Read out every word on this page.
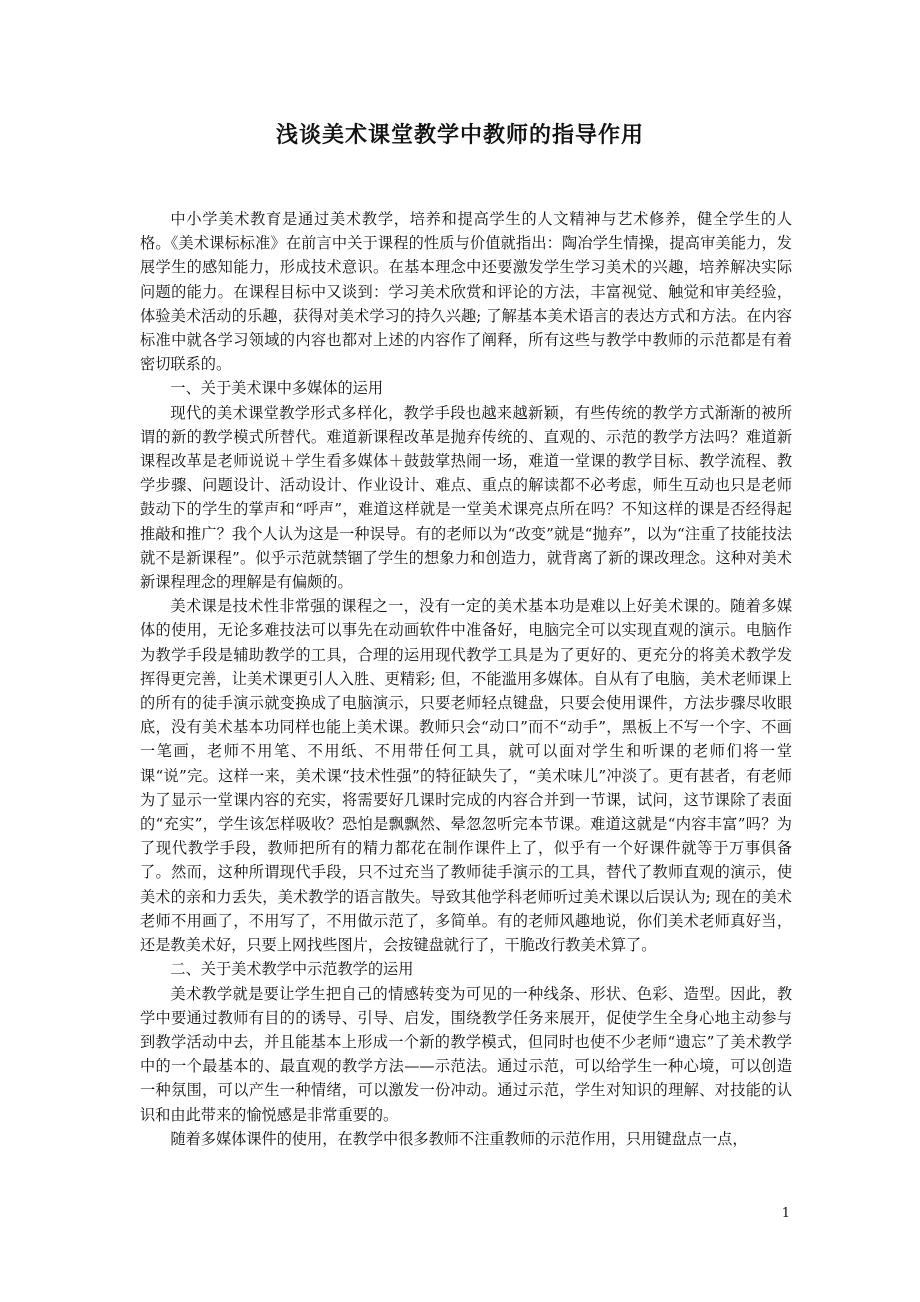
浅谈美术课堂教学中教师的指导作用

中小学美术教育是通过美术教学，培养和提高学生的人文精神与艺术修养，健全学生的人格。《美术课标标准》在前言中关于课程的性质与价值就指出：陶冶学生情操，提高审美能力，发展学生的感知能力，形成技术意识。在基本理念中还要激发学生学习美术的兴趣，培养解决实际问题的能力。在课程目标中又谈到：学习美术欣赏和评论的方法，丰富视觉、触觉和审美经验，体验美术活动的乐趣，获得对美术学习的持久兴趣; 了解基本美术语言的表达方式和方法。在内容标准中就各学习领域的内容也都对上述的内容作了阐释，所有这些与教学中教师的示范都是有着密切联系的。

一、关于美术课中多媒体的运用

现代的美术课堂教学形式多样化，教学手段也越来越新颖，有些传统的教学方式渐渐的被所谓的新的教学模式所替代。难道新课程改革是抛弃传统的、直观的、示范的教学方法吗？难道新课程改革是老师说说＋学生看多媒体＋鼓鼓掌热闹一场，难道一堂课的教学目标、教学流程、教学步骤、问题设计、活动设计、作业设计、难点、重点的解读都不必考虑，师生互动也只是老师鼓动下的学生的掌声和“呼声”，难道这样就是一堂美术课亮点所在吗？不知这样的课是否经得起推敲和推广？我个人认为这是一种误导。有的老师以为“改变”就是“抛弃”，以为“注重了技能技法就不是新课程”。似乎示范就禁锢了学生的想象力和创造力，就背离了新的课改理念。这种对美术新课程理念的理解是有偏颇的。

美术课是技术性非常强的课程之一，没有一定的美术基本功是难以上好美术课的。随着多媒体的使用，无论多难技法可以事先在动画软件中准备好，电脑完全可以实现直观的演示。电脑作为教学手段是辅助教学的工具，合理的运用现代教学工具是为了更好的、更充分的将美术教学发挥得更完善，让美术课更引人入胜、更精彩; 但，不能滥用多媒体。自从有了电脑，美术老师课上的所有的徒手演示就变换成了电脑演示，只要老师轻点键盘，只要会使用课件，方法步骤尽收眼底，没有美术基本功同样也能上美术课。教师只会“动口”而不“动手”，黑板上不写一个字、不画一笔画，老师不用笔、不用纸、不用带任何工具，就可以面对学生和听课的老师们将一堂课“说”完。这样一来，美术课“技术性强”的特征缺失了，“美术味儿”冲淡了。更有甚者，有老师为了显示一堂课内容的充实，将需要好几课时完成的内容合并到一节课，试问，这节课除了表面的“充实”，学生该怎样吸收？恐怕是飘飘然、晕忽忽听完本节课。难道这就是“内容丰富”吗？为了现代教学手段，教师把所有的精力都花在制作课件上了，似乎有一个好课件就等于万事俱备了。然而，这种所谓现代手段，只不过充当了教师徒手演示的工具，替代了教师直观的演示，使美术的亲和力丢失，美术教学的语言散失。导致其他学科老师听过美术课以后误认为; 现在的美术老师不用画了，不用写了，不用做示范了，多简单。有的老师风趣地说，你们美术老师真好当，还是教美术好，只要上网找些图片，会按键盘就行了，干脆改行教美术算了。

二、关于美术教学中示范教学的运用

美术教学就是要让学生把自己的情感转变为可见的一种线条、形状、色彩、造型。因此，教学中要通过教师有目的的诱导、引导、启发，围绕教学任务来展开，促使学生全身心地主动参与到教学活动中去，并且能基本上形成一个新的教学模式，但同时也使不少老师“遗忘”了美术教学中的一个最基本的、最直观的教学方法——示范法。通过示范，可以给学生一种心境，可以创造一种氛围，可以产生一种情绪，可以激发一份冲动。通过示范，学生对知识的理解、对技能的认识和由此带来的愉悦感是非常重要的。

随着多媒体课件的使用，在教学中很多教师不注重教师的示范作用，只用键盘点一点，

1
